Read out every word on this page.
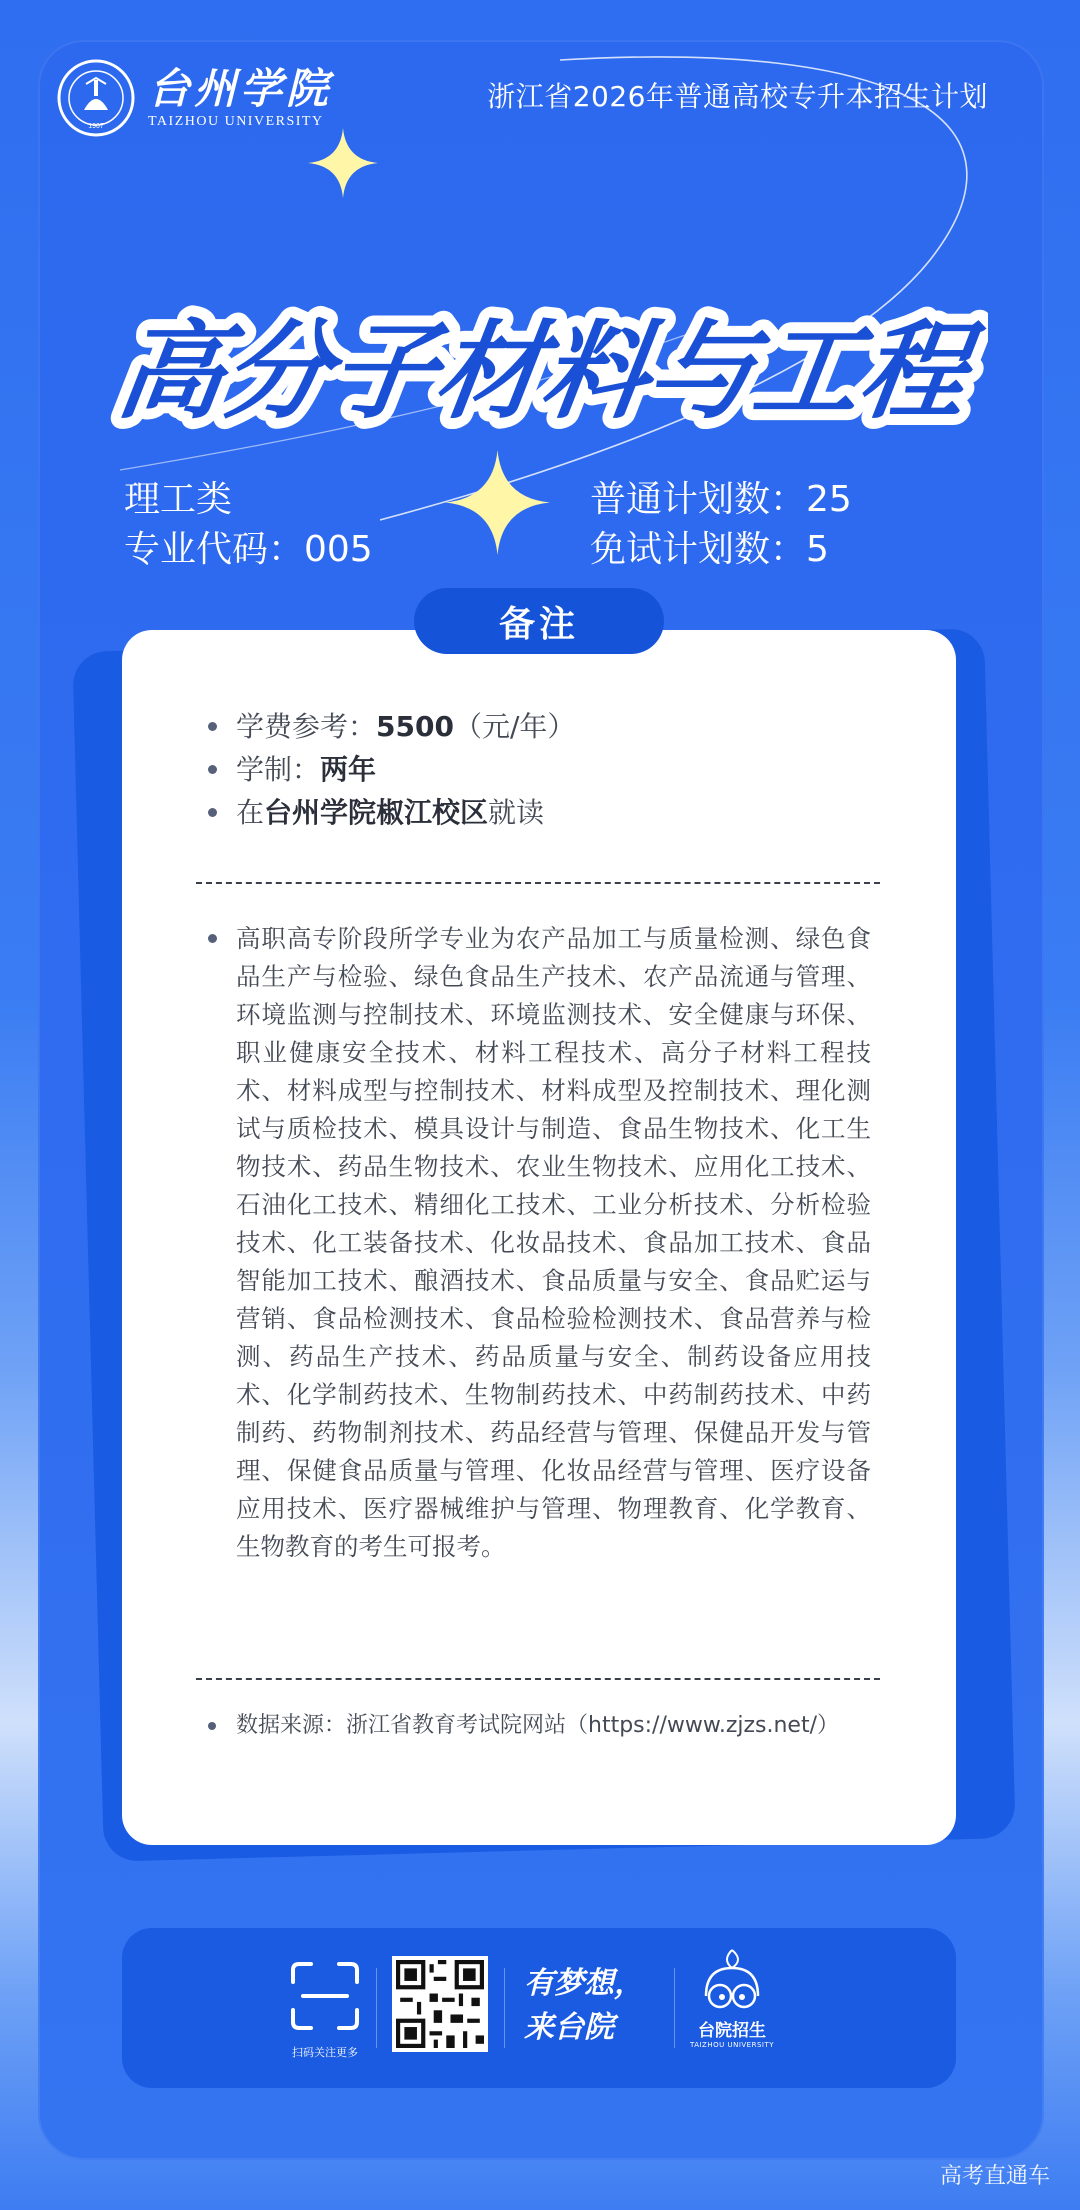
1907
台州学院
TAIZHOU UNIVERSITY
浙江省2026年普通高校专升本招生计划
高分子材料与工程
理工类
专业代码：005
普通计划数：25
免试计划数：5
学费参考：5500（元/年）
学制：两年
在台州学院椒江校区就读
高职高专阶段所学专业为农产品加工与质量检测、绿色食品生产与检验、绿色食品生产技术、农产品流通与管理、环境监测与控制技术、环境监测技术、安全健康与环保、职业健康安全技术、材料工程技术、高分子材料工程技术、材料成型与控制技术、材料成型及控制技术、理化测试与质检技术、模具设计与制造、食品生物技术、化工生物技术、药品生物技术、农业生物技术、应用化工技术、石油化工技术、精细化工技术、工业分析技术、分析检验技术、化工装备技术、化妆品技术、食品加工技术、食品智能加工技术、酿酒技术、食品质量与安全、食品贮运与营销、食品检测技术、食品检验检测技术、食品营养与检测、药品生产技术、药品质量与安全、制药设备应用技术、化学制药技术、生物制药技术、中药制药技术、中药制药、药物制剂技术、药品经营与管理、保健品开发与管理、保健食品质量与管理、化妆品经营与管理、医疗设备应用技术、医疗器械维护与管理、物理教育、化学教育、生物教育的考生可报考。
数据来源：浙江省教育考试院网站（https://www.zjzs.net/）
备注
扫码关注更多
有梦想，
来台院	台院招生
TAIZHOU UNIVERSITY
高考直通车
